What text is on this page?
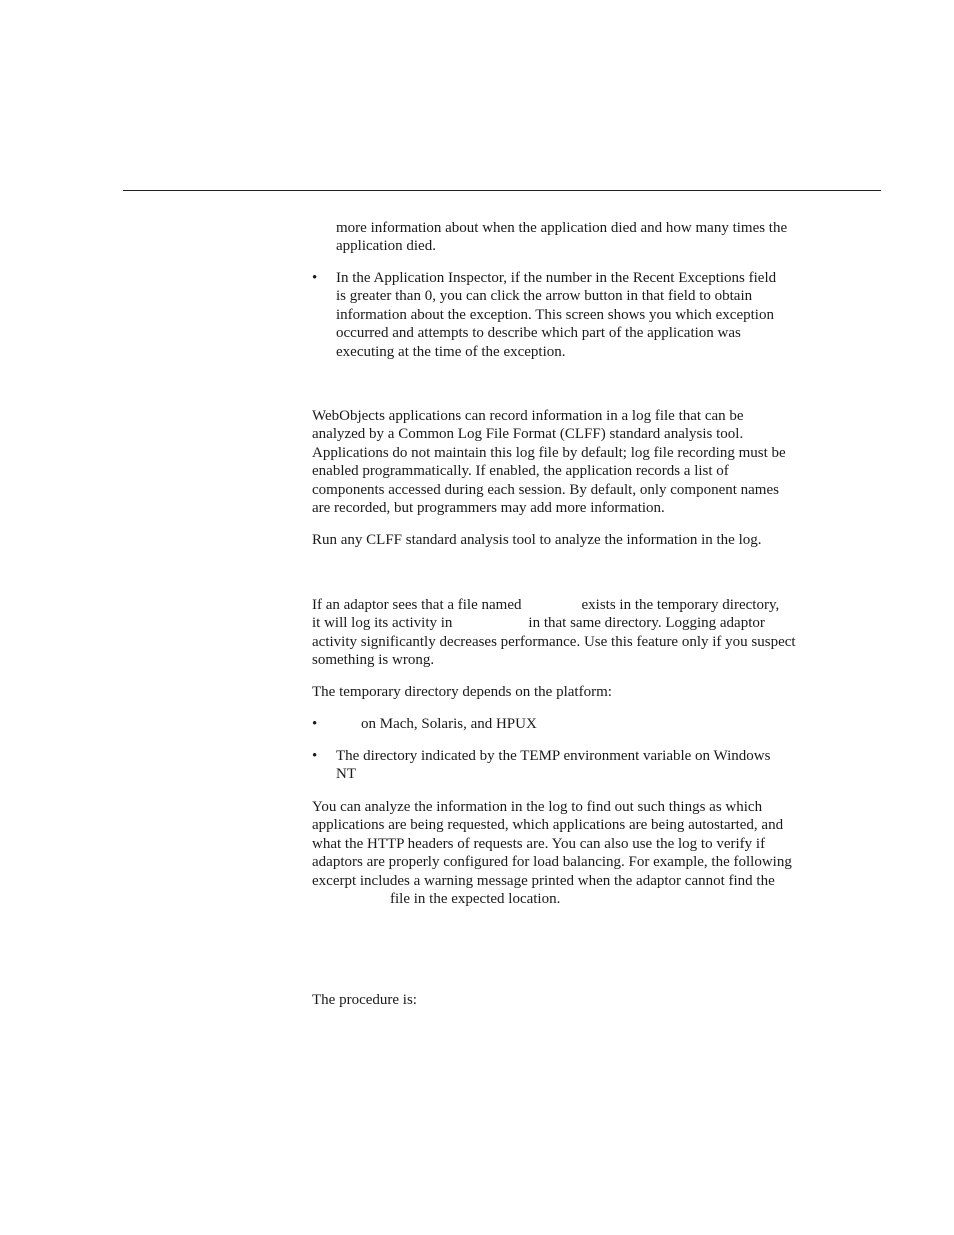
more information about when the application died and how many times the
application died.
• In the Application Inspector, if the number in the Recent Exceptions field
is greater than 0, you can click the arrow button in that field to obtain
information about the exception. This screen shows you which exception
occurred and attempts to describe which part of the application was
executing at the time of the exception.
WebObjects applications can record information in a log file that can be
analyzed by a Common Log File Format (CLFF) standard analysis tool.
Applications do not maintain this log file by default; log file recording must be
enabled programmatically. If enabled, the application records a list of
components accessed during each session. By default, only component names
are recorded, but programmers may add more information.
Run any CLFF standard analysis tool to analyze the information in the log.
If an adaptor sees that a file named	exists in the temporary directory,
it will log its activity in	in that same directory. Logging adaptor
activity significantly decreases performance. Use this feature only if you suspect
something is wrong.
The temporary directory depends on the platform:
•	on Mach, Solaris, and HPUX
• The directory indicated by the TEMP environment variable on Windows
NT
You can analyze the information in the log to find out such things as which
applications are being requested, which applications are being autostarted, and
what the HTTP headers of requests are. You can also use the log to verify if
adaptors are properly configured for load balancing. For example, the following
excerpt includes a warning message printed when the adaptor cannot find the
file in the expected location.
The procedure is:
